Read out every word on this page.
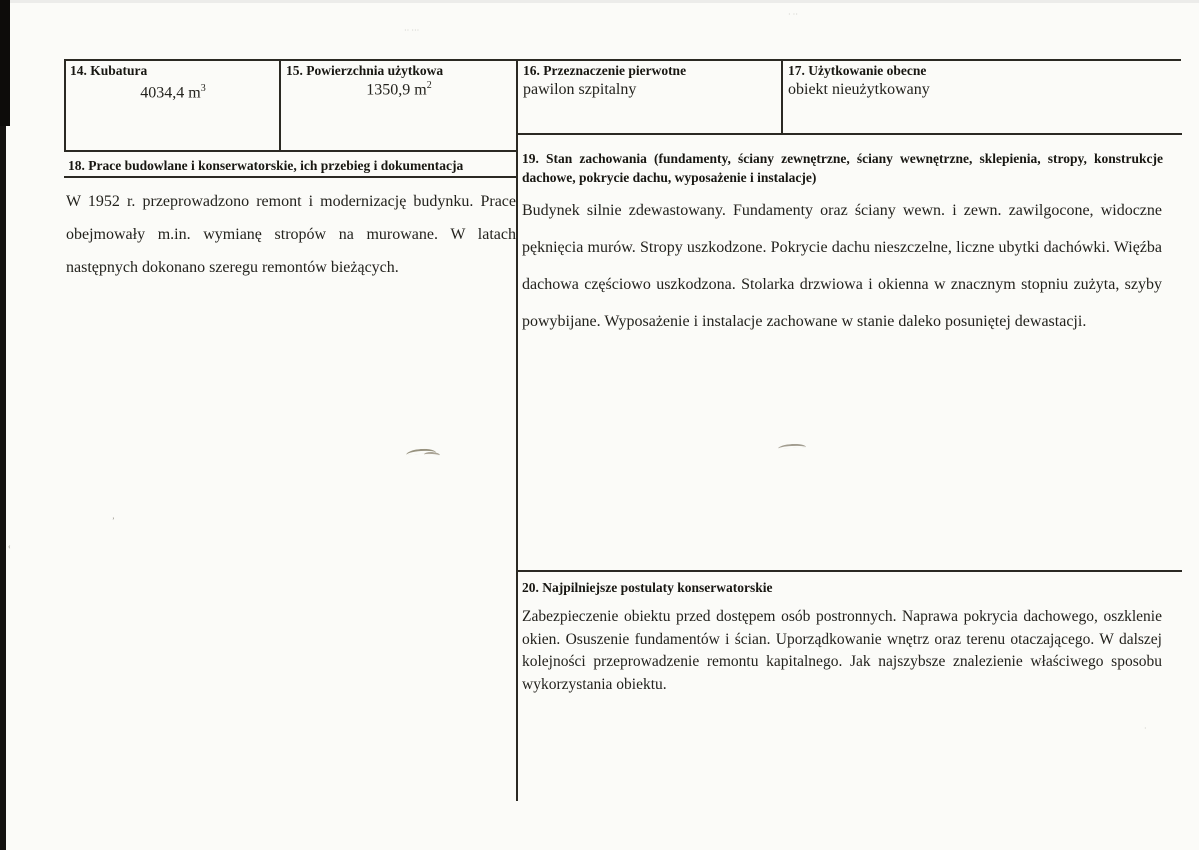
·· ···
· ··
’
‹
⋅
14. Kubatura
4034,4 $m^3$
15. Powierzchnia użytkowa
1350,9 $m^2$
16. Przeznaczenie pierwotne
pawilon szpitalny
17. Użytkowanie obecne
obiekt nieużytkowany
18. Prace budowlane i konserwatorskie, ich przebieg i dokumentacja
W 1952 r. przeprowadzono remont i modernizację budynku. Prace obejmowały m.in. wymianę stropów na murowane. W latach następnych dokonano szeregu remontów bieżących.
19. Stan zachowania (fundamenty, ściany zewnętrzne, ściany wewnętrzne, sklepienia, stropy, konstrukcje dachowe, pokrycie dachu, wyposażenie i instalacje)
Budynek silnie zdewastowany. Fundamenty oraz ściany wewn. i zewn. zawilgocone, widoczne pęknięcia murów. Stropy uszkodzone. Pokrycie dachu nieszczelne, liczne ubytki dachówki. Więźba dachowa częściowo uszkodzona. Stolarka drzwiowa i okienna w znacznym stopniu zużyta, szyby powybijane. Wyposażenie i instalacje zachowane w stanie daleko posuniętej dewastacji.
20. Najpilniejsze postulaty konserwatorskie
Zabezpieczenie obiektu przed dostępem osób postronnych. Naprawa pokrycia dachowego, oszklenie okien. Osuszenie fundamentów i ścian. Uporządkowanie wnętrz oraz terenu otaczającego. W dalszej kolejności przeprowadzenie remontu kapitalnego. Jak najszybsze znalezienie właściwego sposobu wykorzystania obiektu.
